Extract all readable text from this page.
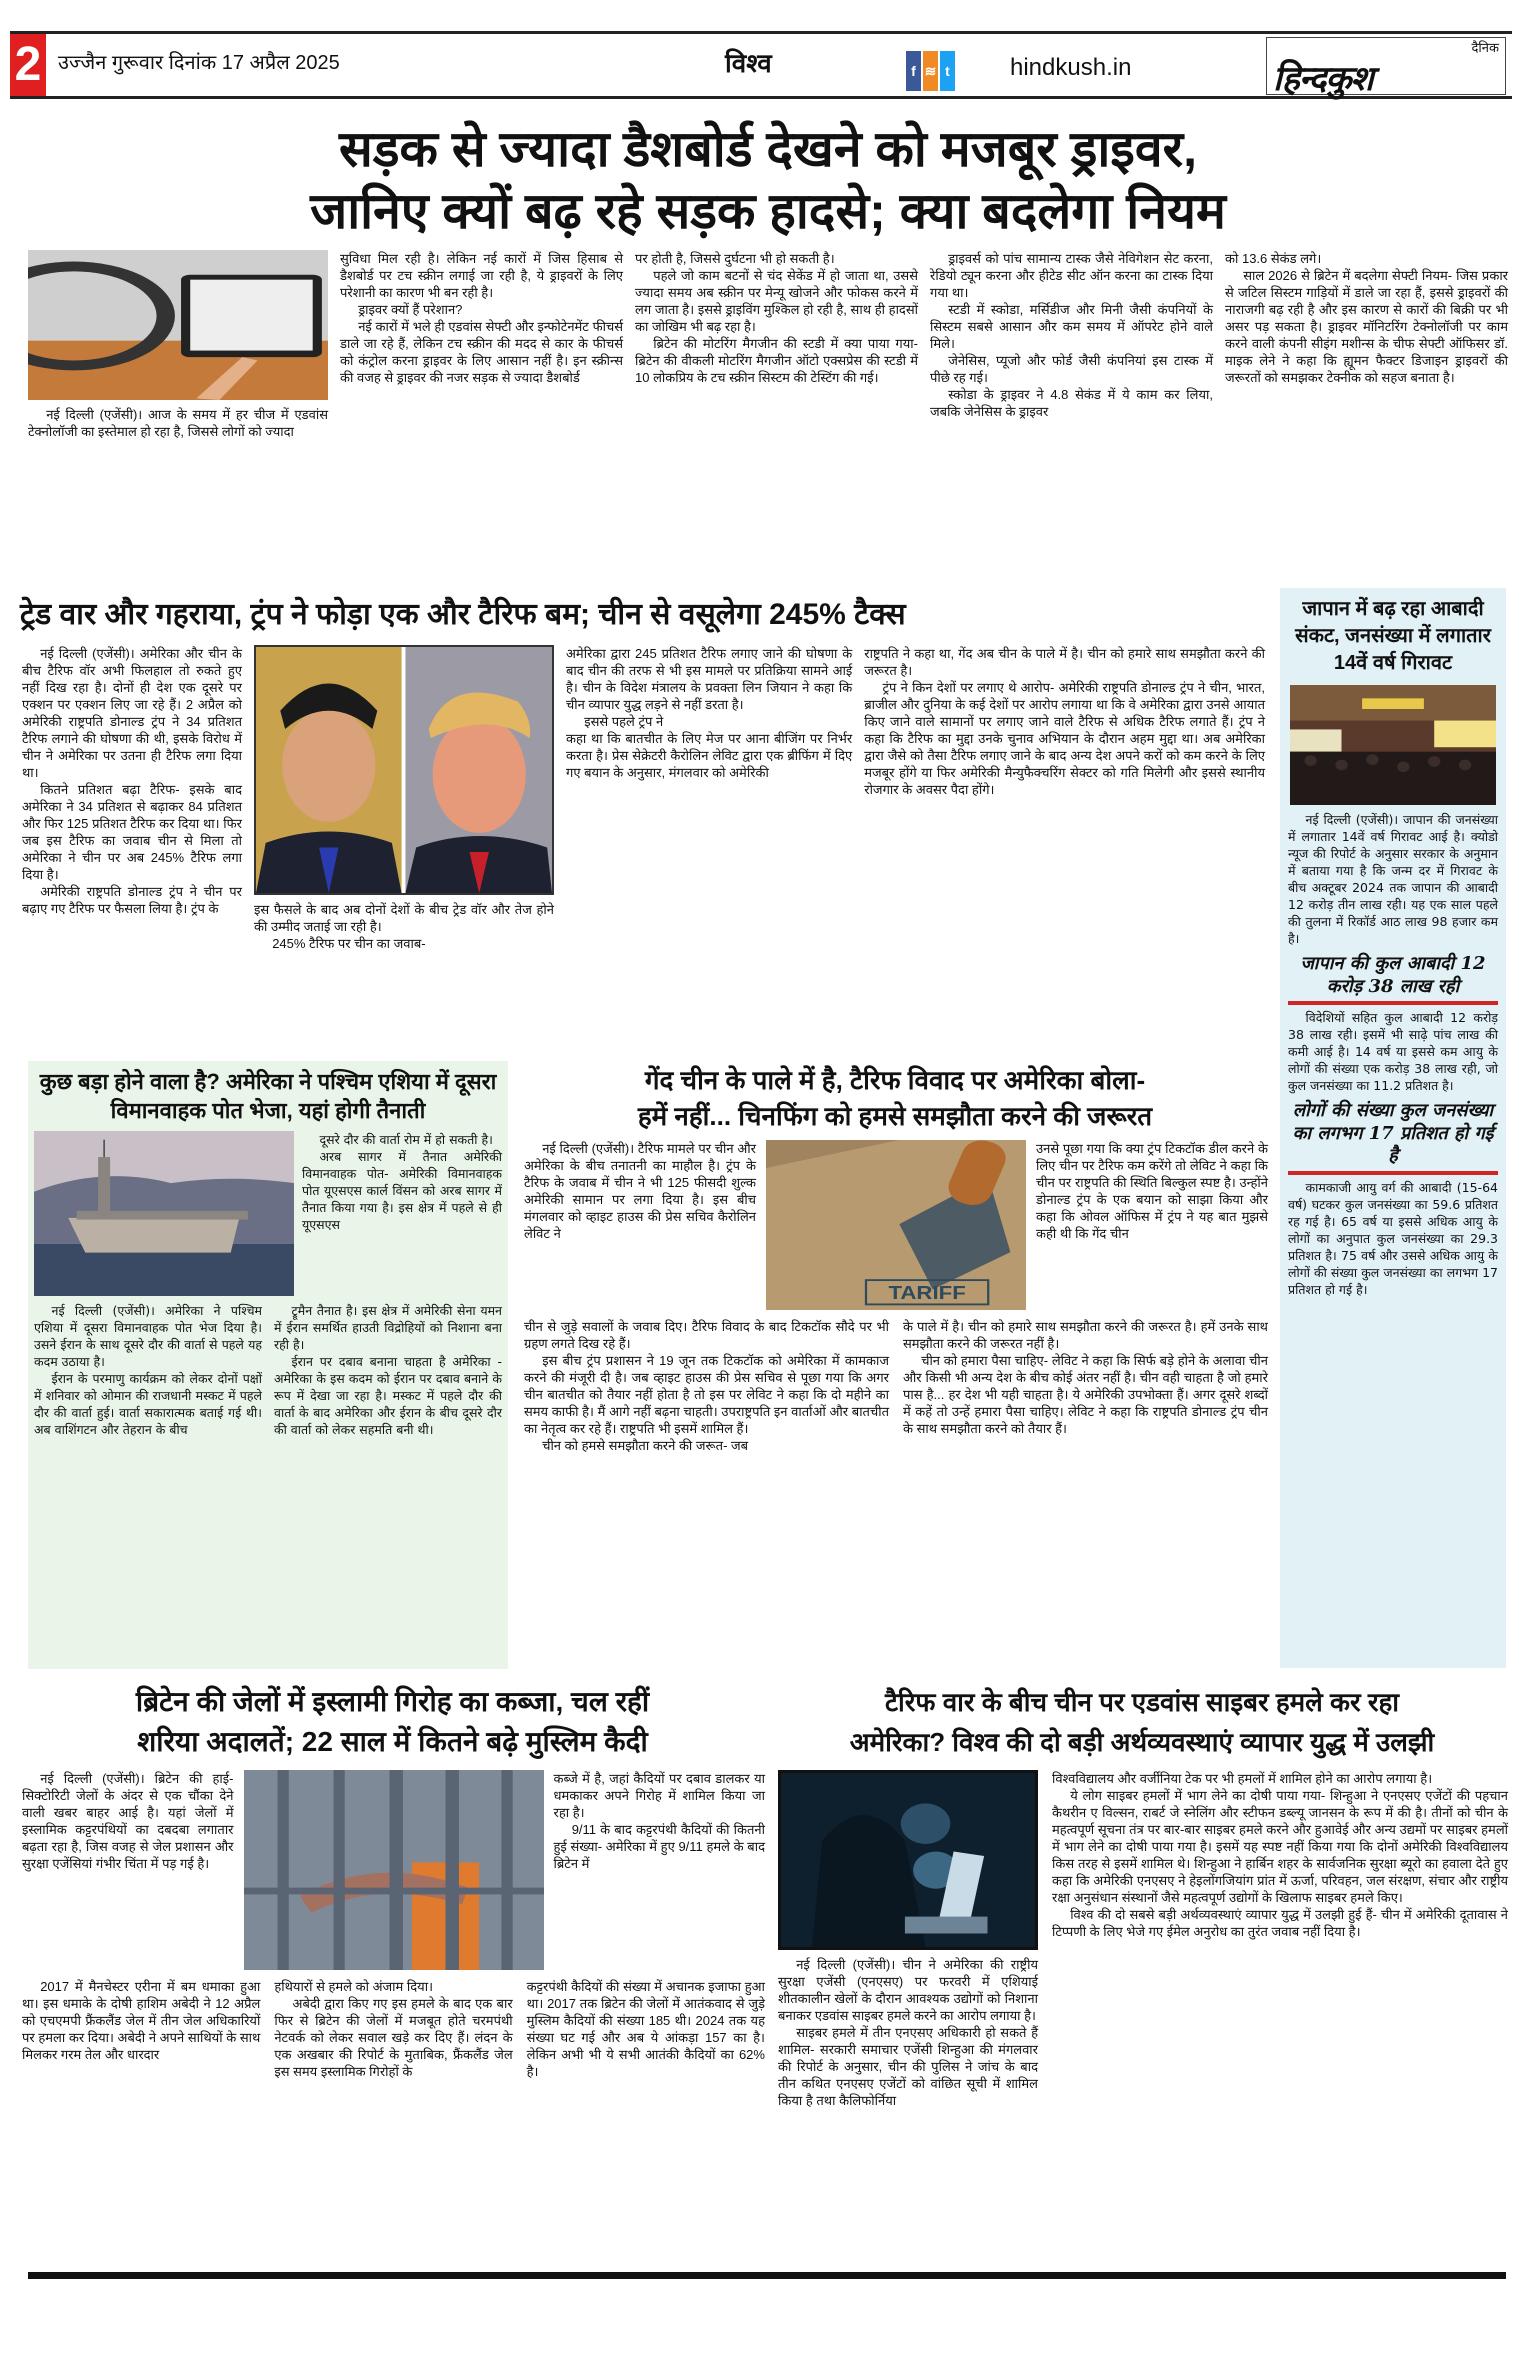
2 उज्जैन गुरूवार दिनांक 17 अप्रैल 2025	विश्व	f ≋ t	hindkush.in
दैनिक
हिन्दकुश
सड़क से ज्यादा डैशबोर्ड देखने को मजबूर ड्राइवर,
जानिए क्यों बढ़ रहे सड़क हादसे; क्या बदलेगा नियम

नई दिल्ली (एजेंसी)। आज के समय में हर चीज में एडवांस टेक्नोलॉजी का इस्तेमाल हो रहा है, जिससे लोगों को ज्यादा

सुविधा मिल रही है। लेकिन नई कारों में जिस हिसाब से डैशबोर्ड पर टच स्क्रीन लगाई जा रही है, ये ड्राइवरों के लिए परेशानी का कारण भी बन रही है।

ड्राइवर क्यों हैं परेशान?

नई कारों में भले ही एडवांस सेफ्टी और इन्फोटेनमेंट फीचर्स डाले जा रहे हैं, लेकिन टच स्क्रीन की मदद से कार के फीचर्स को कंट्रोल करना ड्राइवर के लिए आसान नहीं है। इन स्क्रीन्स की वजह से ड्राइवर की नजर सड़क से ज्यादा डैशबोर्ड

पर होती है, जिससे दुर्घटना भी हो सकती है।

पहले जो काम बटनों से चंद सेकेंड में हो जाता था, उससे ज्यादा समय अब स्क्रीन पर मेन्यू खोजने और फोकस करने में लग जाता है। इससे ड्राइविंग मुश्किल हो रही है, साथ ही हादसों का जोखिम भी बढ़ रहा है।

ब्रिटेन की मोटरिंग मैगजीन की स्टडी में क्या पाया गया- ब्रिटेन की वीकली मोटरिंग मैगजीन ऑटो एक्सप्रेस की स्टडी में 10 लोकप्रिय के टच स्क्रीन सिस्टम की टेस्टिंग की गई।

ड्राइवर्स को पांच सामान्य टास्क जैसे नेविगेशन सेट करना, रेडियो ट्यून करना और हीटेड सीट ऑन करना का टास्क दिया गया था।

स्टडी में स्कोडा, मर्सिडीज और मिनी जैसी कंपनियों के सिस्टम सबसे आसान और कम समय में ऑपरेट होने वाले मिले।

जेनेसिस, प्यूजो और फोर्ड जैसी कंपनियां इस टास्क में पीछे रह गई।

स्कोडा के ड्राइवर ने 4.8 सेकंड में ये काम कर लिया, जबकि जेनेसिस के ड्राइवर

को 13.6 सेकंड लगे।

साल 2026 से ब्रिटेन में बदलेगा सेफ्टी नियम- जिस प्रकार से जटिल सिस्टम गाड़ियों में डाले जा रहा हैं, इससे ड्राइवरों की नाराजगी बढ़ रही है और इस कारण से कारों की बिक्री पर भी असर पड़ सकता है। ड्राइवर मॉनिटरिंग टेक्नोलॉजी पर काम करने वाली कंपनी सीइंग मशीन्स के चीफ सेफ्टी ऑफिसर डॉ. माइक लेने ने कहा कि ह्यूमन फैक्टर डिजाइन ड्राइवरों की जरूरतों को समझकर टेक्नीक को सहज बनाता है।

ट्रेड वार और गहराया, ट्रंप ने फोड़ा एक और टैरिफ बम; चीन से वसूलेगा 245% टैक्स

नई दिल्ली (एजेंसी)। अमेरिका और चीन के बीच टैरिफ वॉर अभी फिलहाल तो रुकते हुए नहीं दिख रहा है। दोनों ही देश एक दूसरे पर एक्शन पर एक्शन लिए जा रहे हैं। 2 अप्रैल को अमेरिकी राष्ट्रपति डोनाल्ड ट्रंप ने 34 प्रतिशत टैरिफ लगाने की घोषणा की थी, इसके विरोध में चीन ने अमेरिका पर उतना ही टैरिफ लगा दिया था।

कितने प्रतिशत बढ़ा टैरिफ- इसके बाद अमेरिका ने 34 प्रतिशत से बढ़ाकर 84 प्रतिशत और फिर 125 प्रतिशत टैरिफ कर दिया था। फिर जब इस टैरिफ का जवाब चीन से मिला तो अमेरिका ने चीन पर अब 245% टैरिफ लगा दिया है।

अमेरिकी राष्ट्रपति डोनाल्ड ट्रंप ने चीन पर बढ़ाए गए टैरिफ पर फैसला लिया है। ट्रंप के	इस फैसले के बाद अब दोनों देशों के बीच ट्रेड वॉर और तेज होने की उम्मीद जताई जा रही है।

245% टैरिफ पर चीन का जवाब-

अमेरिका द्वारा 245 प्रतिशत टैरिफ लगाए जाने की घोषणा के बाद चीन की तरफ से भी इस मामले पर प्रतिक्रिया सामने आई है। चीन के विदेश मंत्रालय के प्रवक्ता लिन जियान ने कहा कि चीन व्यापार युद्ध लड़ने से नहीं डरता है।

इससे पहले ट्रंप ने

कहा था कि बातचीत के लिए मेज पर आना बीजिंग पर निर्भर करता है। प्रेस सेक्रेटरी कैरोलिन लेविट द्वारा एक ब्रीफिंग में दिए गए बयान के अनुसार, मंगलवार को अमेरिकी

राष्ट्रपति ने कहा था, गेंद अब चीन के पाले में है। चीन को हमारे साथ समझौता करने की जरूरत है।

ट्रंप ने किन देशों पर लगाए थे आरोप- अमेरिकी राष्ट्रपति डोनाल्ड ट्रंप ने चीन, भारत, ब्राजील और दुनिया के कई देशों पर आरोप लगाया था कि वे अमेरिका द्वारा उनसे आयात किए जाने वाले सामानों पर लगाए जाने वाले टैरिफ से अधिक टैरिफ लगाते हैं। ट्रंप ने कहा कि टैरिफ का मुद्दा उनके चुनाव अभियान के दौरान अहम मुद्दा था। अब अमेरिका द्वारा जैसे को तैसा टैरिफ लगाए जाने के बाद अन्य देश अपने करों को कम करने के लिए मजबूर होंगे या फिर अमेरिकी मैन्युफैक्चरिंग सेक्टर को गति मिलेगी और इससे स्थानीय रोजगार के अवसर पैदा होंगे।

जापान में बढ़ रहा आबादी संकट, जनसंख्या में लगातार 14वें वर्ष गिरावट

नई दिल्ली (एजेंसी)। जापान की जनसंख्या में लगातार 14वें वर्ष गिरावट आई है। क्योडो न्यूज की रिपोर्ट के अनुसार सरकार के अनुमान में बताया गया है कि जन्म दर में गिरावट के बीच अक्टूबर 2024 तक जापान की आबादी 12 करोड़ तीन लाख रही। यह एक साल पहले की तुलना में रिकॉर्ड आठ लाख 98 हजार कम है।

जापान की कुल आबादी 12 करोड़ 38 लाख रही

विदेशियों सहित कुल आबादी 12 करोड़ 38 लाख रही। इसमें भी साढ़े पांच लाख की कमी आई है। 14 वर्ष या इससे कम आयु के लोगों की संख्या एक करोड़ 38 लाख रही, जो कुल जनसंख्या का 11.2 प्रतिशत है।

लोगों की संख्या कुल जनसंख्या का लगभग 17 प्रतिशत हो गई है

कामकाजी आयु वर्ग की आबादी (15-64 वर्ष) घटकर कुल जनसंख्या का 59.6 प्रतिशत रह गई है। 65 वर्ष या इससे अधिक आयु के लोगों का अनुपात कुल जनसंख्या का 29.3 प्रतिशत है। 75 वर्ष और उससे अधिक आयु के लोगों की संख्या कुल जनसंख्या का लगभग 17 प्रतिशत हो गई है।

कुछ बड़ा होने वाला है? अमेरिका ने पश्चिम एशिया में दूसरा विमानवाहक पोत भेजा, यहां होगी तैनाती

दूसरे दौर की वार्ता रोम में हो सकती है।

अरब सागर में तैनात अमेरिकी विमानवाहक पोत- अमेरिकी विमानवाहक पोत यूएसएस कार्ल विंसन को अरब सागर में तैनात किया गया है। इस क्षेत्र में पहले से ही यूएसएस

नई दिल्ली (एजेंसी)। अमेरिका ने पश्चिम एशिया में दूसरा विमानवाहक पोत भेज दिया है। उसने ईरान के साथ दूसरे दौर की वार्ता से पहले यह कदम उठाया है।

ईरान के परमाणु कार्यक्रम को लेकर दोनों पक्षों में शनिवार को ओमान की राजधानी मस्कट में पहले दौर की वार्ता हुई। वार्ता सकारात्मक बताई गई थी। अब वाशिंगटन और तेहरान के बीच

ट्रूमैन तैनात है। इस क्षेत्र में अमेरिकी सेना यमन में ईरान समर्थित हाउती विद्रोहियों को निशाना बना रही है।

ईरान पर दबाव बनाना चाहता है अमेरिका - अमेरिका के इस कदम को ईरान पर दबाव बनाने के रूप में देखा जा रहा है। मस्कट में पहले दौर की वार्ता के बाद अमेरिका और ईरान के बीच दूसरे दौर की वार्ता को लेकर सहमति बनी थी।

गेंद चीन के पाले में है, टैरिफ विवाद पर अमेरिका बोला-
हमें नहीं... चिनफिंग को हमसे समझौता करने की जरूरत

नई दिल्ली (एजेंसी)। टैरिफ मामले पर चीन और अमेरिका के बीच तनातनी का माहौल है। ट्रंप के टैरिफ के जवाब में चीन ने भी 125 फीसदी शुल्क अमेरिकी सामान पर लगा दिया है। इस बीच मंगलवार को व्हाइट हाउस की प्रेस सचिव कैरोलिन लेविट ने

TARIFF

उनसे पूछा गया कि क्या ट्रंप टिकटॉक डील करने के लिए चीन पर टैरिफ कम करेंगे तो लेविट ने कहा कि चीन पर राष्ट्रपति की स्थिति बिल्कुल स्पष्ट है। उन्होंने डोनाल्ड ट्रंप के एक बयान को साझा किया और कहा कि ओवल ऑफिस में ट्रंप ने यह बात मुझसे कही थी कि गेंद चीन

चीन से जुड़े सवालों के जवाब दिए। टैरिफ विवाद के बाद टिकटॉक सौदे पर भी ग्रहण लगते दिख रहे हैं।

इस बीच ट्रंप प्रशासन ने 19 जून तक टिकटॉक को अमेरिका में कामकाज करने की मंजूरी दी है। जब व्हाइट हाउस की प्रेस सचिव से पूछा गया कि अगर चीन बातचीत को तैयार नहीं होता है तो इस पर लेविट ने कहा कि दो महीने का समय काफी है। मैं आगे नहीं बढ़ना चाहती। उपराष्ट्रपति इन वार्ताओं और बातचीत का नेतृत्व कर रहे हैं। राष्ट्रपति भी इसमें शामिल हैं।

चीन को हमसे समझौता करने की जरूत- जब

के पाले में है। चीन को हमारे साथ समझौता करने की जरूरत है। हमें उनके साथ समझौता करने की जरूरत नहीं है।

चीन को हमारा पैसा चाहिए- लेविट ने कहा कि सिर्फ बड़े होने के अलावा चीन और किसी भी अन्य देश के बीच कोई अंतर नहीं है। चीन वही चाहता है जो हमारे पास है... हर देश भी यही चाहता है। ये अमेरिकी उपभोक्ता हैं। अगर दूसरे शब्दों में कहें तो उन्हें हमारा पैसा चाहिए। लेविट ने कहा कि राष्ट्रपति डोनाल्ड ट्रंप चीन के साथ समझौता करने को तैयार हैं।

ब्रिटेन की जेलों में इस्लामी गिरोह का कब्जा, चल रहीं
शरिया अदालतें; 22 साल में कितने बढ़े मुस्लिम कैदी

नई दिल्ली (एजेंसी)। ब्रिटेन की हाई-सिक्टोरिटी जेलों के अंदर से एक चौंका देने वाली खबर बाहर आई है। यहां जेलों में इस्लामिक कट्टरपंथियों का दबदबा लगातार बढ़ता रहा है, जिस वजह से जेल प्रशासन और सुरक्षा एजेंसियां गंभीर चिंता में पड़ गई है।

कब्जे में है, जहां कैदियों पर दबाव डालकर या धमकाकर अपने गिरोह में शामिल किया जा रहा है।

9/11 के बाद कट्टरपंथी कैदियों की कितनी हुई संख्या- अमेरिका में हुए 9/11 हमले के बाद ब्रिटेन में

2017 में मैनचेस्टर एरीना में बम धमाका हुआ था। इस धमाके के दोषी हाशिम अबेदी ने 12 अप्रैल को एचएमपी फ्रैंकलैंड जेल में तीन जेल अधिकारियों पर हमला कर दिया। अबेदी ने अपने साथियों के साथ मिलकर गरम तेल और धारदार

हथियारों से हमले को अंजाम दिया।

अबेदी द्वारा किए गए इस हमले के बाद एक बार फिर से ब्रिटेन की जेलों में मजबूत होते चरमपंथी नेटवर्क को लेकर सवाल खड़े कर दिए हैं। लंदन के एक अखबार की रिपोर्ट के मुताबिक, फ्रैंकलैंड जेल इस समय इस्लामिक गिरोहों के

कट्टरपंथी कैदियों की संख्या में अचानक इजाफा हुआ था। 2017 तक ब्रिटेन की जेलों में आतंकवाद से जुड़े मुस्लिम कैदियों की संख्या 185 थी। 2024 तक यह संख्या घट गई और अब ये आंकड़ा 157 का है। लेकिन अभी भी ये सभी आतंकी कैदियों का 62% है।

टैरिफ वार के बीच चीन पर एडवांस साइबर हमले कर रहा
अमेरिका? विश्व की दो बड़ी अर्थव्यवस्थाएं व्यापार युद्ध में उलझी

नई दिल्ली (एजेंसी)। चीन ने अमेरिका की राष्ट्रीय सुरक्षा एजेंसी (एनएसए) पर फरवरी में एशियाई शीतकालीन खेलों के दौरान आवश्यक उद्योगों को निशाना बनाकर एडवांस साइबर हमले करने का आरोप लगाया है।

साइबर हमले में तीन एनएसए अधिकारी हो सकते हैं शामिल- सरकारी समाचार एजेंसी शिन्हुआ की मंगलवार की रिपोर्ट के अनुसार, चीन की पुलिस ने जांच के बाद तीन कथित एनएसए एजेंटों को वांछित सूची में शामिल किया है तथा कैलिफोर्निया

विश्वविद्यालय और वर्जीनिया टेक पर भी हमलों में शामिल होने का आरोप लगाया है।

ये लोग साइबर हमलों में भाग लेने का दोषी पाया गया- शिन्हुआ ने एनएसए एजेंटों की पहचान कैथरीन ए विल्सन, राबर्ट जे स्नेलिंग और स्टीफन डब्ल्यू जानसन के रूप में की है। तीनों को चीन के महत्वपूर्ण सूचना तंत्र पर बार-बार साइबर हमले करने और हुआवेई और अन्य उद्यमों पर साइबर हमलों में भाग लेने का दोषी पाया गया है। इसमें यह स्पष्ट नहीं किया गया कि दोनों अमेरिकी विश्वविद्यालय किस तरह से इसमें शामिल थे। शिन्हुआ ने हार्बिन शहर के सार्वजनिक सुरक्षा ब्यूरो का हवाला देते हुए कहा कि अमेरिकी एनएसए ने हेइलोंगजियांग प्रांत में ऊर्जा, परिवहन, जल संरक्षण, संचार और राष्ट्रीय रक्षा अनुसंधान संस्थानों जैसे महत्वपूर्ण उद्योगों के खिलाफ साइबर हमले किए।

विश्व की दो सबसे बड़ी अर्थव्यवस्थाएं व्यापार युद्ध में उलझी हुई हैं- चीन में अमेरिकी दूतावास ने टिप्पणी के लिए भेजे गए ईमेल अनुरोध का तुरंत जवाब नहीं दिया है।
